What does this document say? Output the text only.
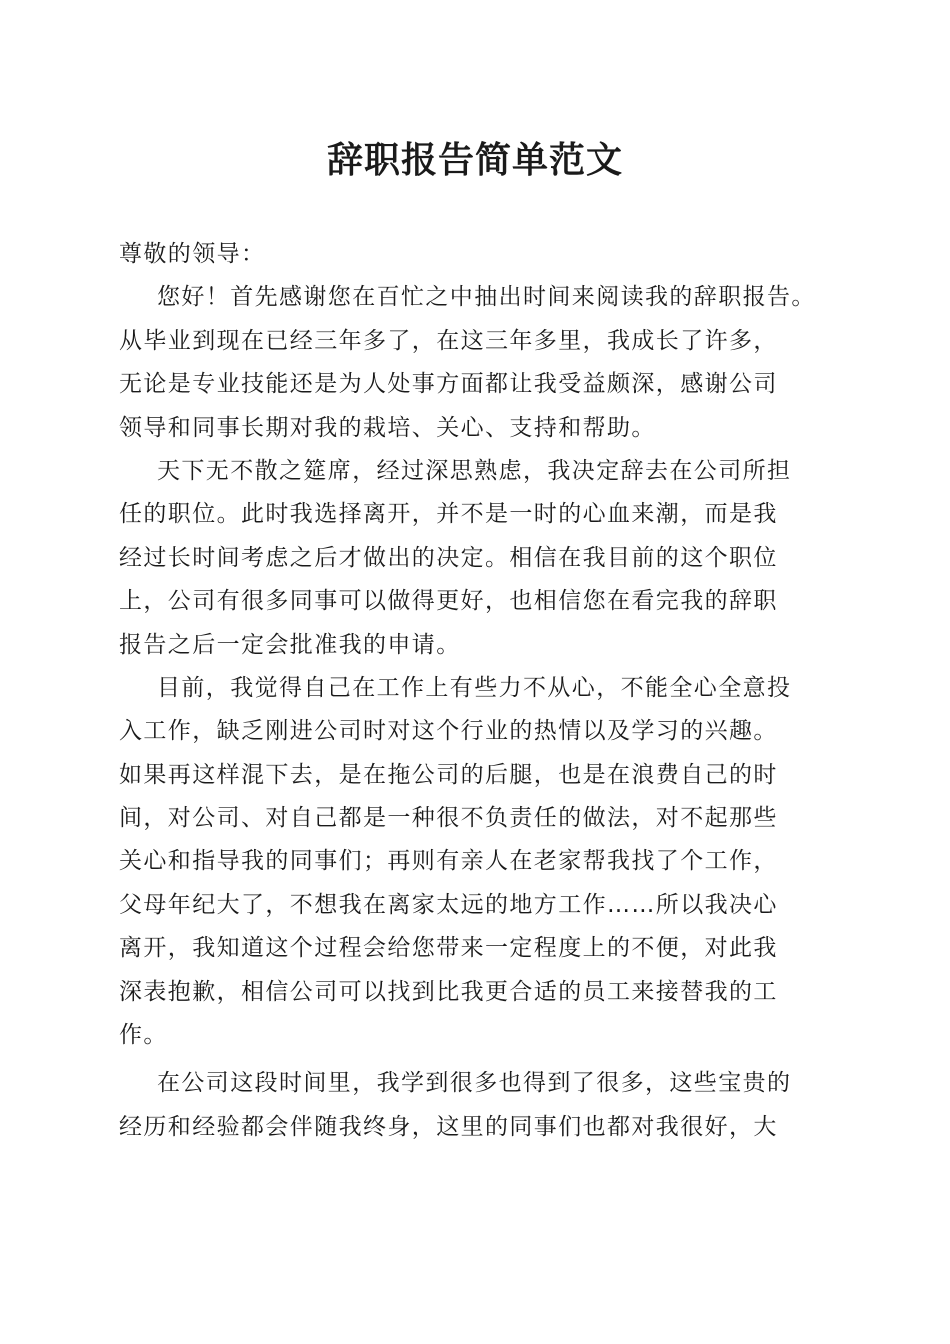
辞职报告简单范文
尊敬的领导：
您好！首先感谢您在百忙之中抽出时间来阅读我的辞职报告。
从毕业到现在已经三年多了，在这三年多里，我成长了许多，
无论是专业技能还是为人处事方面都让我受益颇深，感谢公司
领导和同事长期对我的栽培、关心、支持和帮助。
天下无不散之筵席，经过深思熟虑，我决定辞去在公司所担
任的职位。此时我选择离开，并不是一时的心血来潮，而是我
经过长时间考虑之后才做出的决定。相信在我目前的这个职位
上，公司有很多同事可以做得更好，也相信您在看完我的辞职
报告之后一定会批准我的申请。
目前，我觉得自己在工作上有些力不从心，不能全心全意投
入工作，缺乏刚进公司时对这个行业的热情以及学习的兴趣。
如果再这样混下去，是在拖公司的后腿，也是在浪费自己的时
间，对公司、对自己都是一种很不负责任的做法，对不起那些
关心和指导我的同事们；再则有亲人在老家帮我找了个工作，
父母年纪大了，不想我在离家太远的地方工作……所以我决心
离开，我知道这个过程会给您带来一定程度上的不便，对此我
深表抱歉，相信公司可以找到比我更合适的员工来接替我的工
作。
在公司这段时间里，我学到很多也得到了很多，这些宝贵的
经历和经验都会伴随我终身，这里的同事们也都对我很好，大
